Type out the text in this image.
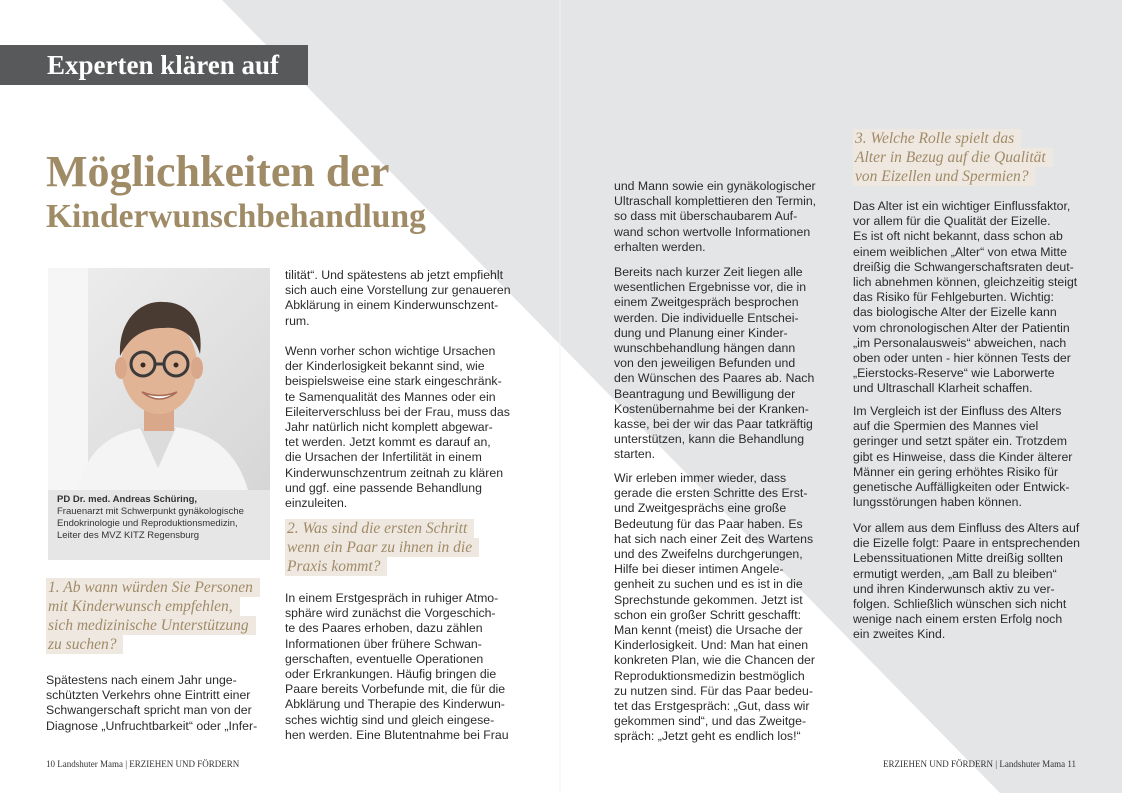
Experten klären auf
Möglichkeiten der
Kinderwunschbehandlung
PD Dr. med. Andreas Schüring,
Frauenarzt mit Schwerpunkt gynäkologische
Endokrinologie und Reproduktionsmedizin,
Leiter des MVZ KITZ Regensburg
1. Ab wann würden Sie Personen
mit Kinderwunsch empfehlen,
sich medizinische Unterstützung
zu suchen?
Spätestens nach einem Jahr unge-
schützten Verkehrs ohne Eintritt einer
Schwangerschaft spricht man von der
Diagnose „Unfruchtbarkeit“ oder „Infer-
tilität“. Und spätestens ab jetzt empfiehlt
sich auch eine Vorstellung zur genaueren
Abklärung in einem Kinderwunschzent-
rum.
Wenn vorher schon wichtige Ursachen
der Kinderlosigkeit bekannt sind, wie
beispielsweise eine stark eingeschränk-
te Samenqualität des Mannes oder ein
Eileiterverschluss bei der Frau, muss das
Jahr natürlich nicht komplett abgewar-
tet werden. Jetzt kommt es darauf an,
die Ursachen der Infertilität in einem
Kinderwunschzentrum zeitnah zu klären
und ggf. eine passende Behandlung
einzuleiten.
2. Was sind die ersten Schritt
wenn ein Paar zu ihnen in die
Praxis kommt?
In einem Erstgespräch in ruhiger Atmo-
sphäre wird zunächst die Vorgeschich-
te des Paares erhoben, dazu zählen
Informationen über frühere Schwan-
gerschaften, eventuelle Operationen
oder Erkrankungen. Häufig bringen die
Paare bereits Vorbefunde mit, die für die
Abklärung und Therapie des Kinderwun-
sches wichtig sind und gleich eingese-
hen werden. Eine Blutentnahme bei Frau
und Mann sowie ein gynäkologischer
Ultraschall komplettieren den Termin,
so dass mit überschaubarem Auf-
wand schon wertvolle Informationen
erhalten werden.
Bereits nach kurzer Zeit liegen alle
wesentlichen Ergebnisse vor, die in
einem Zweitgespräch besprochen
werden. Die individuelle Entschei-
dung und Planung einer Kinder-
wunschbehandlung hängen dann
von den jeweiligen Befunden und
den Wünschen des Paares ab. Nach
Beantragung und Bewilligung der
Kostenübernahme bei der Kranken-
kasse, bei der wir das Paar tatkräftig
unterstützen, kann die Behandlung
starten.
Wir erleben immer wieder, dass
gerade die ersten Schritte des Erst-
und Zweitgesprächs eine große
Bedeutung für das Paar haben. Es
hat sich nach einer Zeit des Wartens
und des Zweifelns durchgerungen,
Hilfe bei dieser intimen Angele-
genheit zu suchen und es ist in die
Sprechstunde gekommen. Jetzt ist
schon ein großer Schritt geschafft:
Man kennt (meist) die Ursache der
Kinderlosigkeit. Und: Man hat einen
konkreten Plan, wie die Chancen der
Reproduktionsmedizin bestmöglich
zu nutzen sind. Für das Paar bedeu-
tet das Erstgespräch: „Gut, dass wir
gekommen sind“, und das Zweitge-
spräch: „Jetzt geht es endlich los!“
3. Welche Rolle spielt das
Alter in Bezug auf die Qualität
von Eizellen und Spermien?
Das Alter ist ein wichtiger Einflussfaktor,
vor allem für die Qualität der Eizelle.
Es ist oft nicht bekannt, dass schon ab
einem weiblichen „Alter“ von etwa Mitte
dreißig die Schwangerschaftsraten deut-
lich abnehmen können, gleichzeitig steigt
das Risiko für Fehlgeburten. Wichtig:
das biologische Alter der Eizelle kann
vom chronologischen Alter der Patientin
„im Personalausweis“ abweichen, nach
oben oder unten - hier können Tests der
„Eierstocks-Reserve“ wie Laborwerte
und Ultraschall Klarheit schaffen.
Im Vergleich ist der Einfluss des Alters
auf die Spermien des Mannes viel
geringer und setzt später ein. Trotzdem
gibt es Hinweise, dass die Kinder älterer
Männer ein gering erhöhtes Risiko für
genetische Auffälligkeiten oder Entwick-
lungsstörungen haben können.
Vor allem aus dem Einfluss des Alters auf
die Eizelle folgt: Paare in entsprechenden
Lebenssituationen Mitte dreißig sollten
ermutigt werden, „am Ball zu bleiben“
und ihren Kinderwunsch aktiv zu ver-
folgen. Schließlich wünschen sich nicht
wenige nach einem ersten Erfolg noch
ein zweites Kind.
10 Landshuter Mama | ERZIEHEN UND FÖRDERN	ERZIEHEN UND FÖRDERN | Landshuter Mama 11
